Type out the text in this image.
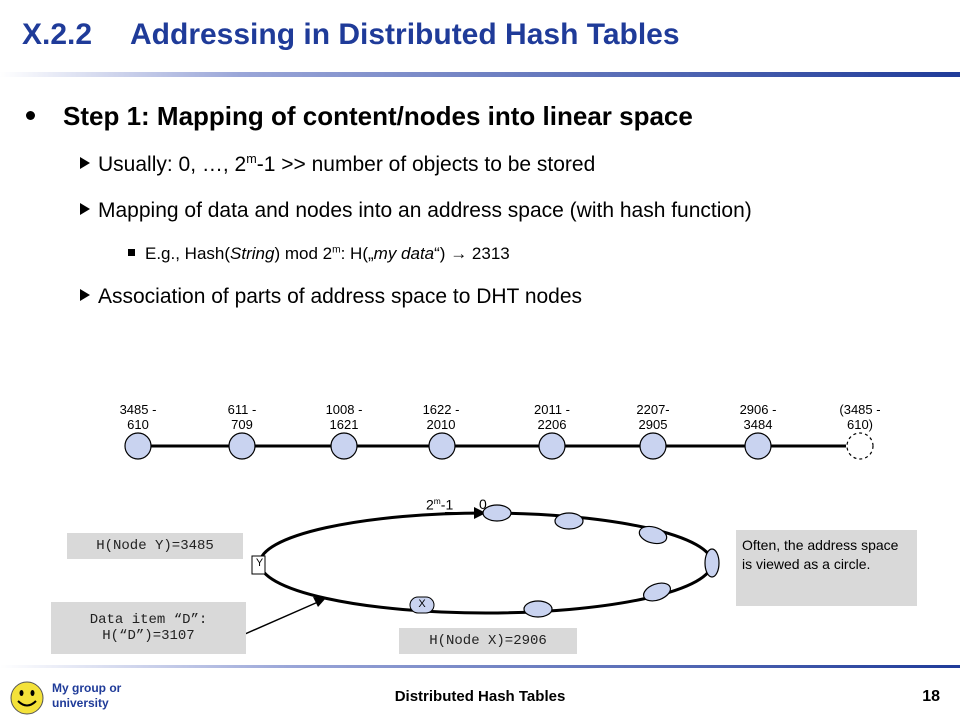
X.2.2 Addressing in Distributed Hash Tables
Step 1: Mapping of content/nodes into linear space
Usually: 0, …, $2^m-1$ >> number of objects to be stored
Mapping of data and nodes into an address space (with hash function)
E.g., Hash(String) mod 2$^m$: H(„my data“) → 2313
Association of parts of address space to DHT nodes
3485 -
610
611 -
709
1008 -
1621
1622 -
2010
2011 -
2206
2207-
2905
2906 -
3484
(3485 -
610)
2$^m$-1 0
Y
X
H(Node Y)=3485
Data item “D”:
H(“D”)=3107	H(Node X)=2906
Often, the address space is viewed as a circle.
My group or university	Distributed Hash Tables	18
